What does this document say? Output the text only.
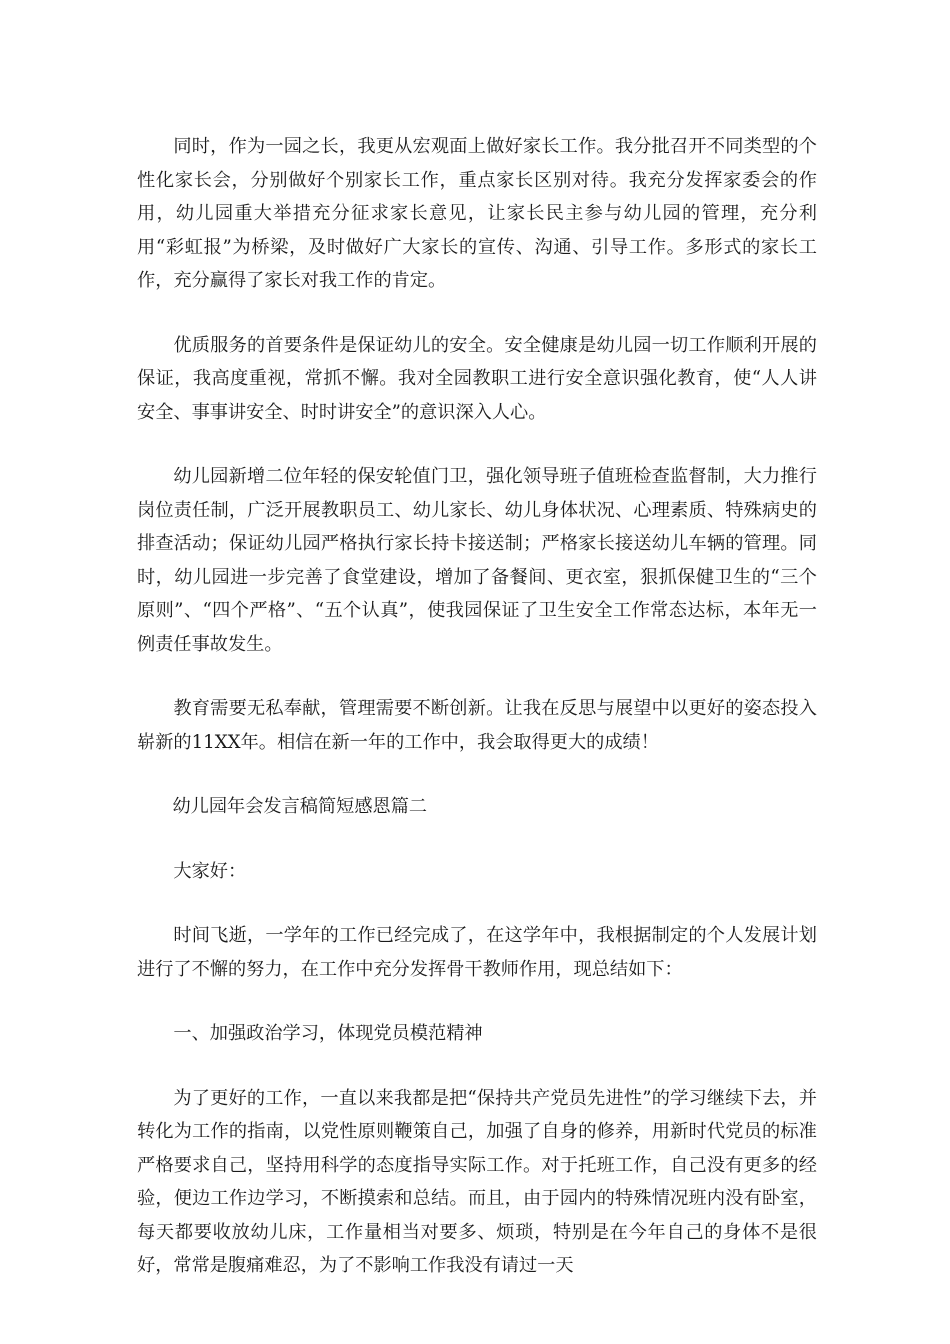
同时，作为一园之长，我更从宏观面上做好家长工作。我分批召开不同类型的个性化家长会，分别做好个别家长工作，重点家长区别对待。我充分发挥家委会的作用，幼儿园重大举措充分征求家长意见，让家长民主参与幼儿园的管理，充分利用“彩虹报”为桥梁，及时做好广大家长的宣传、沟通、引导工作。多形式的家长工作，充分赢得了家长对我工作的肯定。

优质服务的首要条件是保证幼儿的安全。安全健康是幼儿园一切工作顺利开展的保证，我高度重视，常抓不懈。我对全园教职工进行安全意识强化教育，使“人人讲安全、事事讲安全、时时讲安全”的意识深入人心。

幼儿园新增二位年轻的保安轮值门卫，强化领导班子值班检查监督制，大力推行岗位责任制，广泛开展教职员工、幼儿家长、幼儿身体状况、心理素质、特殊病史的排查活动；保证幼儿园严格执行家长持卡接送制；严格家长接送幼儿车辆的管理。同时，幼儿园进一步完善了食堂建设，增加了备餐间、更衣室，狠抓保健卫生的“三个原则”、“四个严格”、“五个认真”，使我园保证了卫生安全工作常态达标，本年无一例责任事故发生。

教育需要无私奉献，管理需要不断创新。让我在反思与展望中以更好的姿态投入崭新的11XX年。相信在新一年的工作中，我会取得更大的成绩！

幼儿园年会发言稿简短感恩篇二

大家好：

时间飞逝，一学年的工作已经完成了，在这学年中，我根据制定的个人发展计划进行了不懈的努力，在工作中充分发挥骨干教师作用，现总结如下：

一、加强政治学习，体现党员模范精神

为了更好的工作，一直以来我都是把“保持共产党员先进性”的学习继续下去，并转化为工作的指南，以党性原则鞭策自己，加强了自身的修养，用新时代党员的标准严格要求自己，坚持用科学的态度指导实际工作。对于托班工作，自己没有更多的经验，便边工作边学习，不断摸索和总结。而且，由于园内的特殊情况班内没有卧室，每天都要收放幼儿床，工作量相当对要多、烦琐，特别是在今年自己的身体不是很好，常常是腹痛难忍，为了不影响工作我没有请过一天
